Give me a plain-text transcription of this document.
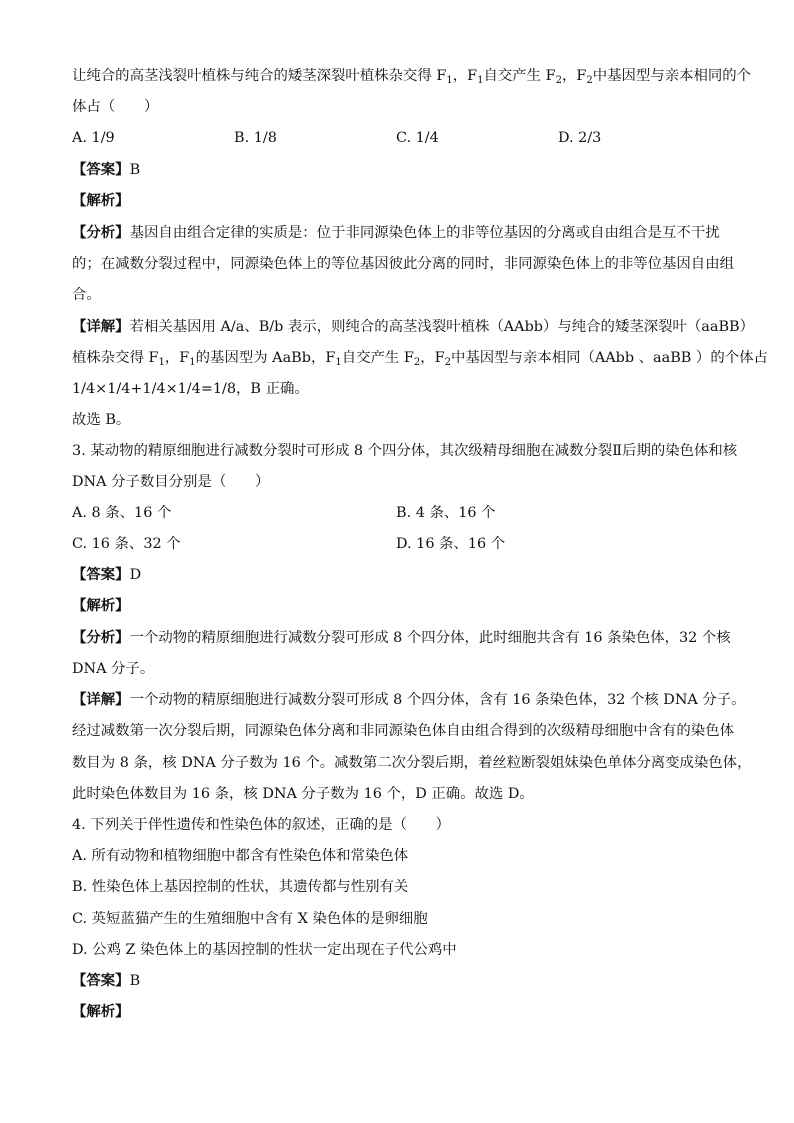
让纯合的高茎浅裂叶植株与纯合的矮茎深裂叶植株杂交得 $F_1$，$F_1$自交产生 $F_2$，$F_2$中基因型与亲本相同的个
体占（　　）
A. 1/9	B. 1/8	C. 1/4	D. 2/3
【答案】B
【解析】
【分析】基因自由组合定律的实质是：位于非同源染色体上的非等位基因的分离或自由组合是互不干扰
的；在减数分裂过程中，同源染色体上的等位基因彼此分离的同时，非同源染色体上的非等位基因自由组
合。
【详解】若相关基因用 A/a、B/b 表示，则纯合的高茎浅裂叶植株（AAbb）与纯合的矮茎深裂叶（aaBB）
植株杂交得 $F_1$，$F_1$的基因型为 AaBb，$F_1$自交产生 $F_2$，$F_2$中基因型与亲本相同（AAbb 、aaBB ）的个体占
1/4×1/4+1/4×1/4=1/8，B 正确。
故选 B。
3. 某动物的精原细胞进行减数分裂时可形成 8 个四分体，其次级精母细胞在减数分裂Ⅱ后期的染色体和核
DNA 分子数目分别是（　　）
A. 8 条、16 个	B. 4 条、16 个
C. 16 条、32 个	D. 16 条、16 个
【答案】D
【解析】
【分析】一个动物的精原细胞进行减数分裂可形成 8 个四分体，此时细胞共含有 16 条染色体，32 个核
DNA 分子。
【详解】一个动物的精原细胞进行减数分裂可形成 8 个四分体，含有 16 条染色体，32 个核 DNA 分子。
经过减数第一次分裂后期，同源染色体分离和非同源染色体自由组合得到的次级精母细胞中含有的染色体
数目为 8 条，核 DNA 分子数为 16 个。减数第二次分裂后期，着丝粒断裂姐妹染色单体分离变成染色体，
此时染色体数目为 16 条，核 DNA 分子数为 16 个，D 正确。故选 D。
4. 下列关于伴性遗传和性染色体的叙述，正确的是（　　）
A. 所有动物和植物细胞中都含有性染色体和常染色体
B. 性染色体上基因控制的性状，其遗传都与性别有关
C. 英短蓝猫产生的生殖细胞中含有 X 染色体的是卵细胞
D. 公鸡 Z 染色体上的基因控制的性状一定出现在子代公鸡中
【答案】B
【解析】
